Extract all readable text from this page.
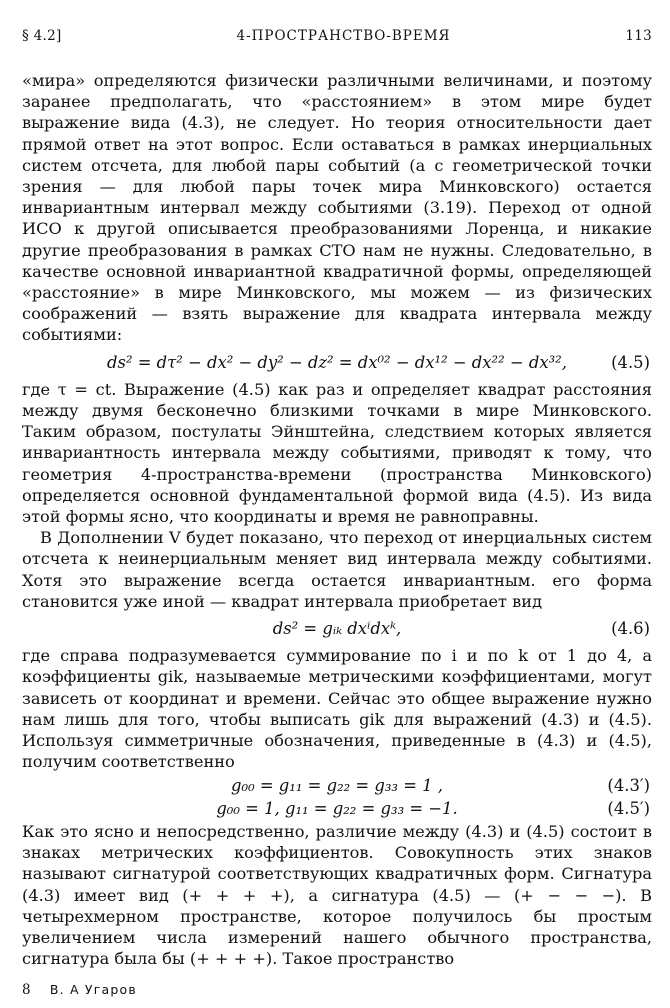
§ 4.2]	4-ПРОСТРАНСТВО-ВРЕМЯ	113

«мира» определяются физически различными величинами, и поэтому заранее предполагать, что «расстоянием» в этом мире будет выражение вида (4.3), не следует. Но теория относительности дает прямой ответ на этот вопрос. Если оставаться в рамках инерциальных систем отсчета, для любой пары событий (а с геометрической точки зрения — для любой пары точек мира Минковского) остается инвариантным интервал между событиями (3.19). Переход от одной ИСО к другой описывается преобразованиями Лоренца, и никакие другие преобразования в рамках СТО нам не нужны. Следовательно, в качестве основной инвариантной квадратичной формы, определяющей «расстояние» в мире Минковского, мы можем — из физических соображений — взять выражение для квадрата интервала между событиями:

ds² = dτ² − dx² − dy² − dz² = dx⁰² − dx¹² − dx²² − dx³²,	(4.5)

где τ = ct. Выражение (4.5) как раз и определяет квадрат расстояния между двумя бесконечно близкими точками в мире Минковского. Таким образом, постулаты Эйнштейна, следствием которых является инвариантность интервала между событиями, приводят к тому, что геометрия 4-пространства-времени (пространства Минковского) определяется основной фундаментальной формой вида (4.5). Из вида этой формы ясно, что координаты и время не равноправны.

В Дополнении V будет показано, что переход от инерциальных систем отсчета к неинерциальным меняет вид интервала между событиями. Хотя это выражение всегда остается инвариантным. его форма становится уже иной — квадрат интервала приобретает вид

ds² = gᵢₖ dxⁱdxᵏ,	(4.6)

где справа подразумевается суммирование по i и по k от 1 до 4, а коэффициенты gik, называемые метрическими коэффициентами, могут зависеть от координат и времени. Сейчас это общее выражение нужно нам лишь для того, чтобы выписать gik для выражений (4.3) и (4.5). Используя симметричные обозначения, приведенные в (4.3) и (4.5), получим соответственно

g₀₀ = g₁₁ = g₂₂ = g₃₃ = 1 ,	(4.3′)
g₀₀ = 1, g₁₁ = g₂₂ = g₃₃ = −1.	(4.5′)

Как это ясно и непосредственно, различие между (4.3) и (4.5) состоит в знаках метрических коэффициентов. Совокупность этих знаков называют сигнатурой соответствующих квадратичных форм. Сигнатура (4.3) имеет вид (+ + + +), а сигнатура (4.5) — (+ − − −). В четырехмерном пространстве, которое получилось бы простым увеличением числа измерений нашего обычного пространства, сигнатура была бы (+ + + +). Такое пространство

8 В. А Угаров
